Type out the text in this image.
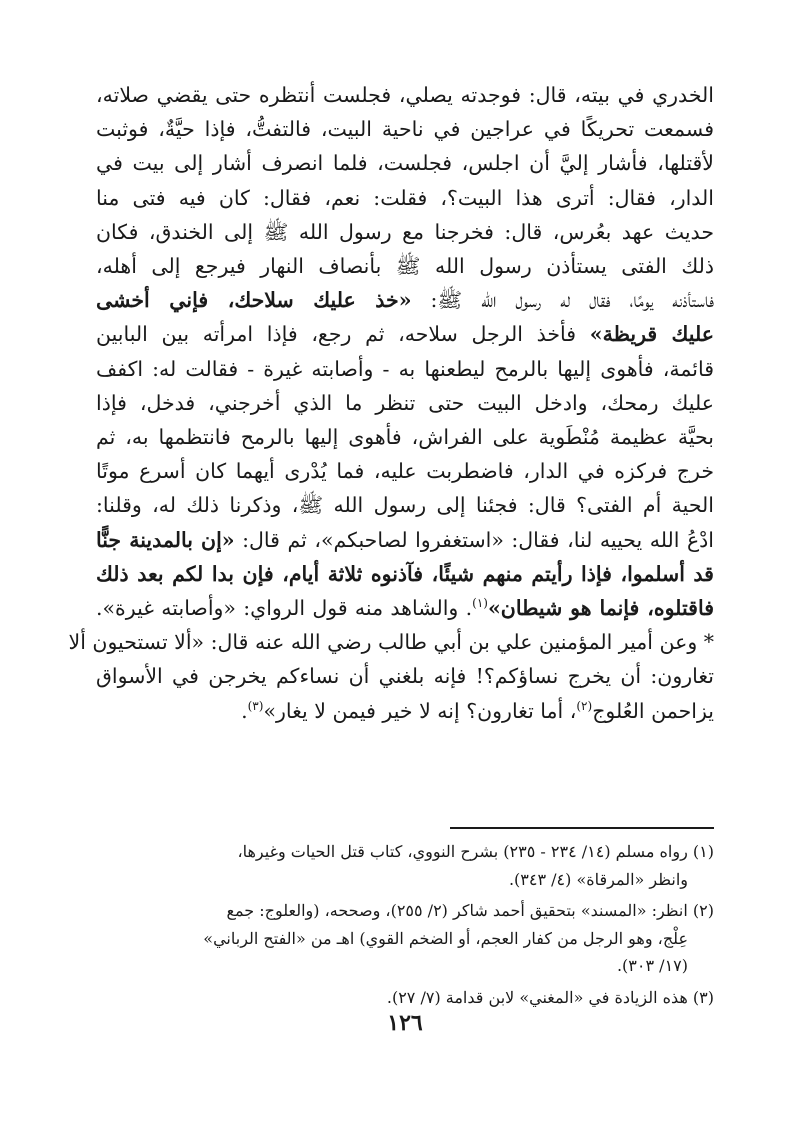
الخدري في بيته، قال: فوجدته يصلي، فجلست أنتظره حتى يقضي صلاته،
فسمعت تحريكًا في عراجين في ناحية البيت، فالتفتُّ، فإذا حيَّةٌ، فوثبت
لأقتلها، فأشار إليَّ أن اجلس، فجلست، فلما انصرف أشار إلى بيت في
الدار، فقال: أترى هذا البيت؟، فقلت: نعم، فقال: كان فيه فتى منا
حديث عهد بعُرس، قال: فخرجنا مع رسول الله ﷺ إلى الخندق، فكان
ذلك الفتى يستأذن رسول الله ﷺ بأنصاف النهار فيرجع إلى أهله،
فاستأذنه يومًا، فقال له رسول الله ﷺ: «خذ عليك سلاحك، فإني أخشى
عليك قريظة» فأخذ الرجل سلاحه، ثم رجع، فإذا امرأته بين البابين
قائمة، فأهوى إليها بالرمح ليطعنها به - وأصابته غيرة - فقالت له: اكفف
عليك رمحك، وادخل البيت حتى تنظر ما الذي أخرجني، فدخل، فإذا
بحيَّة عظيمة مُنْطَوية على الفراش، فأهوى إليها بالرمح فانتظمها به، ثم
خرج فركزه في الدار، فاضطربت عليه، فما يُدْرى أيهما كان أسرع موتًا
الحية أم الفتى؟ قال: فجئنا إلى رسول الله ﷺ، وذكرنا ذلك له، وقلنا:
ادْعُ الله يحييه لنا، فقال: «استغفروا لصاحبكم»، ثم قال: «إن بالمدينة جنًّا
قد أسلموا، فإذا رأيتم منهم شيئًا، فآذنوه ثلاثة أيام، فإن بدا لكم بعد ذلك
فاقتلوه، فإنما هو شيطان»$^{(١)}$. والشاهد منه قول الرواي: «وأصابته غيرة».
* وعن أمير المؤمنين علي بن أبي طالب رضي الله عنه قال: «ألا تستحيون ألا
تغارون: أن يخرج نساؤكم؟! فإنه بلغني أن نساءكم يخرجن في الأسواق
يزاحمن العُلوج$^{(٢)}$، أما تغارون؟ إنه لا خير فيمن لا يغار»$^{(٣)}$.
(١) رواه مسلم (١٤/ ٢٣٤ - ٢٣٥) بشرح النووي، كتاب قتل الحيات وغيرها،
وانظر «المرقاة» (٤/ ٣٤٣).
(٢) انظر: «المسند» بتحقيق أحمد شاكر (٢/ ٢٥٥)، وصححه، (والعلوج: جمع
عِلْج، وهو الرجل من كفار العجم، أو الضخم القوي) اهـ من «الفتح الرباني»
(١٧/ ٣٠٣).
(٣) هذه الزيادة في «المغني» لابن قدامة (٧/ ٢٧).
١٢٦
